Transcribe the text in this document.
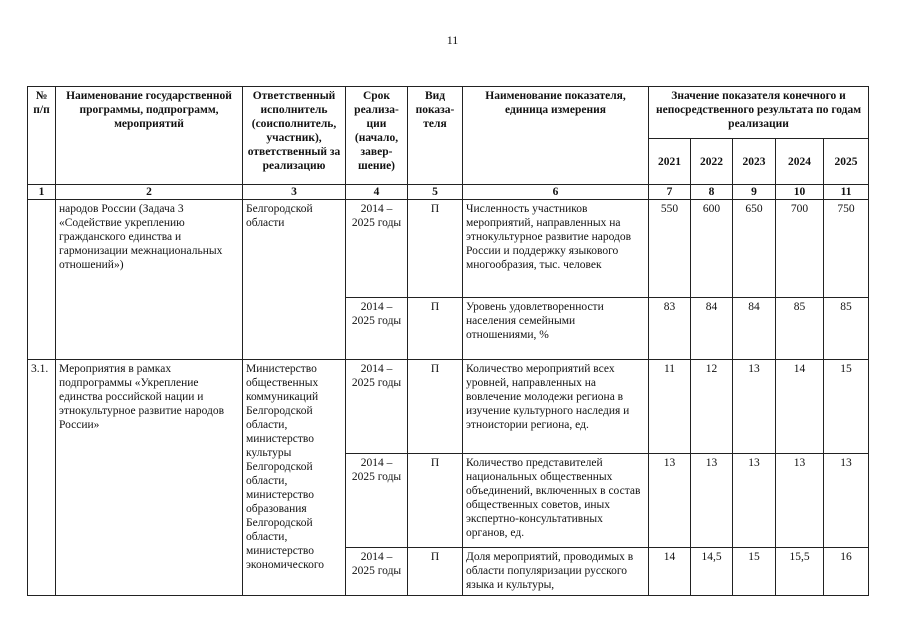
11
№ п/п	Наименование государственной программы, подпрограмм, мероприятий	Ответственный исполнитель (соисполнитель, участник), ответственный за реализацию	Срок реализа-ции (начало, завер-шение)	Вид показа-теля	Наименование показателя, единица измерения	Значение показателя конечного и непосредственного результата по годам реализации				
						2021	2022	2023	2024	2025
1	2	3	4	5	6	7	8	9	10	11
	народов России (Задача 3 «Содействие укреплению гражданского единства и гармонизации межнациональных отношений»)	Белгородской области	2014 – 2025 годы	П	Численность участников мероприятий, направленных на этнокультурное развитие народов России и поддержку языкового многообразия, тыс. человек	550	600	650	700	750
			2014 – 2025 годы	П	Уровень удовлетворенности населения семейными отношениями, %	83	84	84	85	85
3.1.	Мероприятия в рамках подпрограммы «Укрепление единства российской нации и этнокультурное развитие народов России»	Министерство общественных коммуникаций Белгородской области, министерство культуры Белгородской области, министерство образования Белгородской области, министерство экономического	2014 – 2025 годы	П	Количество мероприятий всех уровней, направленных на вовлечение молодежи региона в изучение культурного наследия и этноистории региона, ед.	11	12	13	14	15
			2014 – 2025 годы	П	Количество представителей национальных общественных объединений, включенных в состав общественных советов, иных экспертно-консультативных органов, ед.	13	13	13	13	13
			2014 – 2025 годы	П	Доля мероприятий, проводимых в области популяризации русского языка и культуры,	14	14,5	15	15,5	16
